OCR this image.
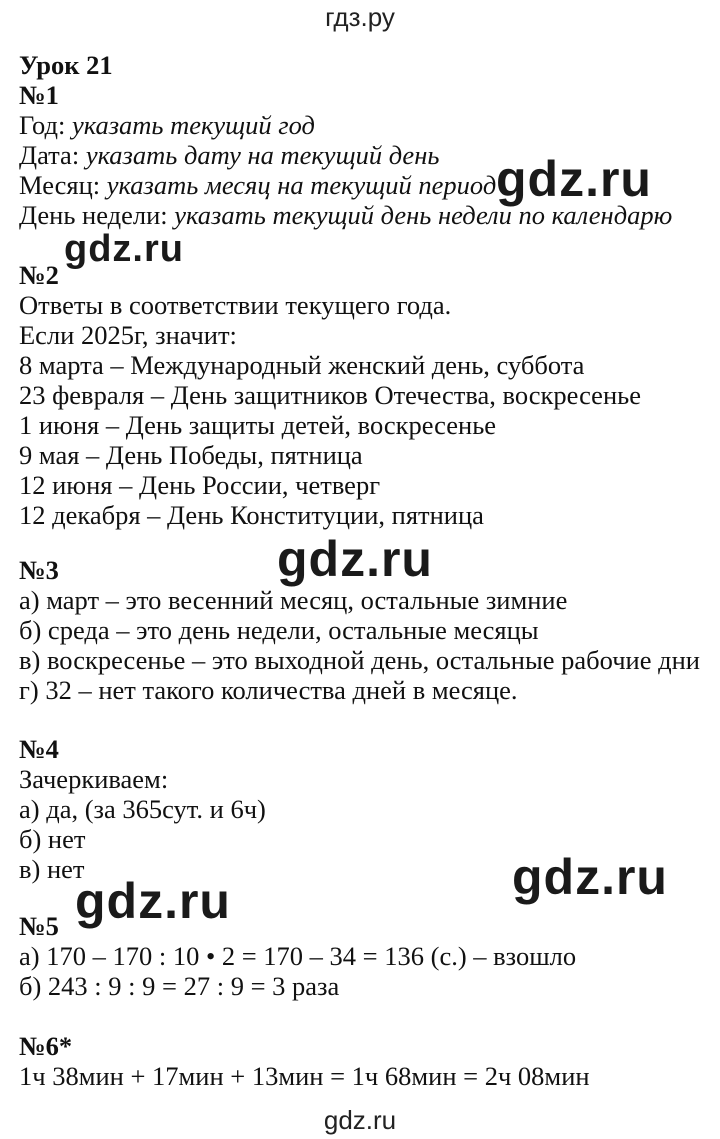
гдз.ру
Урок 21
№1
Год: указать текущий год
Дата: указать дату на текущий день
Месяц: указать месяц на текущий период
День недели: указать текущий день недели по календарю
№2
Ответы в соответствии текущего года.
Если 2025г, значит:
8 марта – Международный женский день, суббота
23 февраля – День защитников Отечества, воскресенье
1 июня – День защиты детей, воскресенье
9 мая – День Победы, пятница
12 июня – День России, четверг
12 декабря – День Конституции, пятница
№3
а) март – это весенний месяц, остальные зимние
б) среда – это день недели, остальные месяцы
в) воскресенье – это выходной день, остальные рабочие дни
г) 32 – нет такого количества дней в месяце.
№4
Зачеркиваем:
а) да, (за 365сут. и 6ч)
б) нет
в) нет
№5
а) 170 – 170 : 10 • 2 = 170 – 34 = 136 (с.) – взошло
б) 243 : 9 : 9 = 27 : 9 = 3 раза
№6*
1ч 38мин + 17мин + 13мин = 1ч 68мин = 2ч 08мин
gdz.ru
gdz.ru
gdz.ru
gdz.ru
gdz.ru
gdz.ru
